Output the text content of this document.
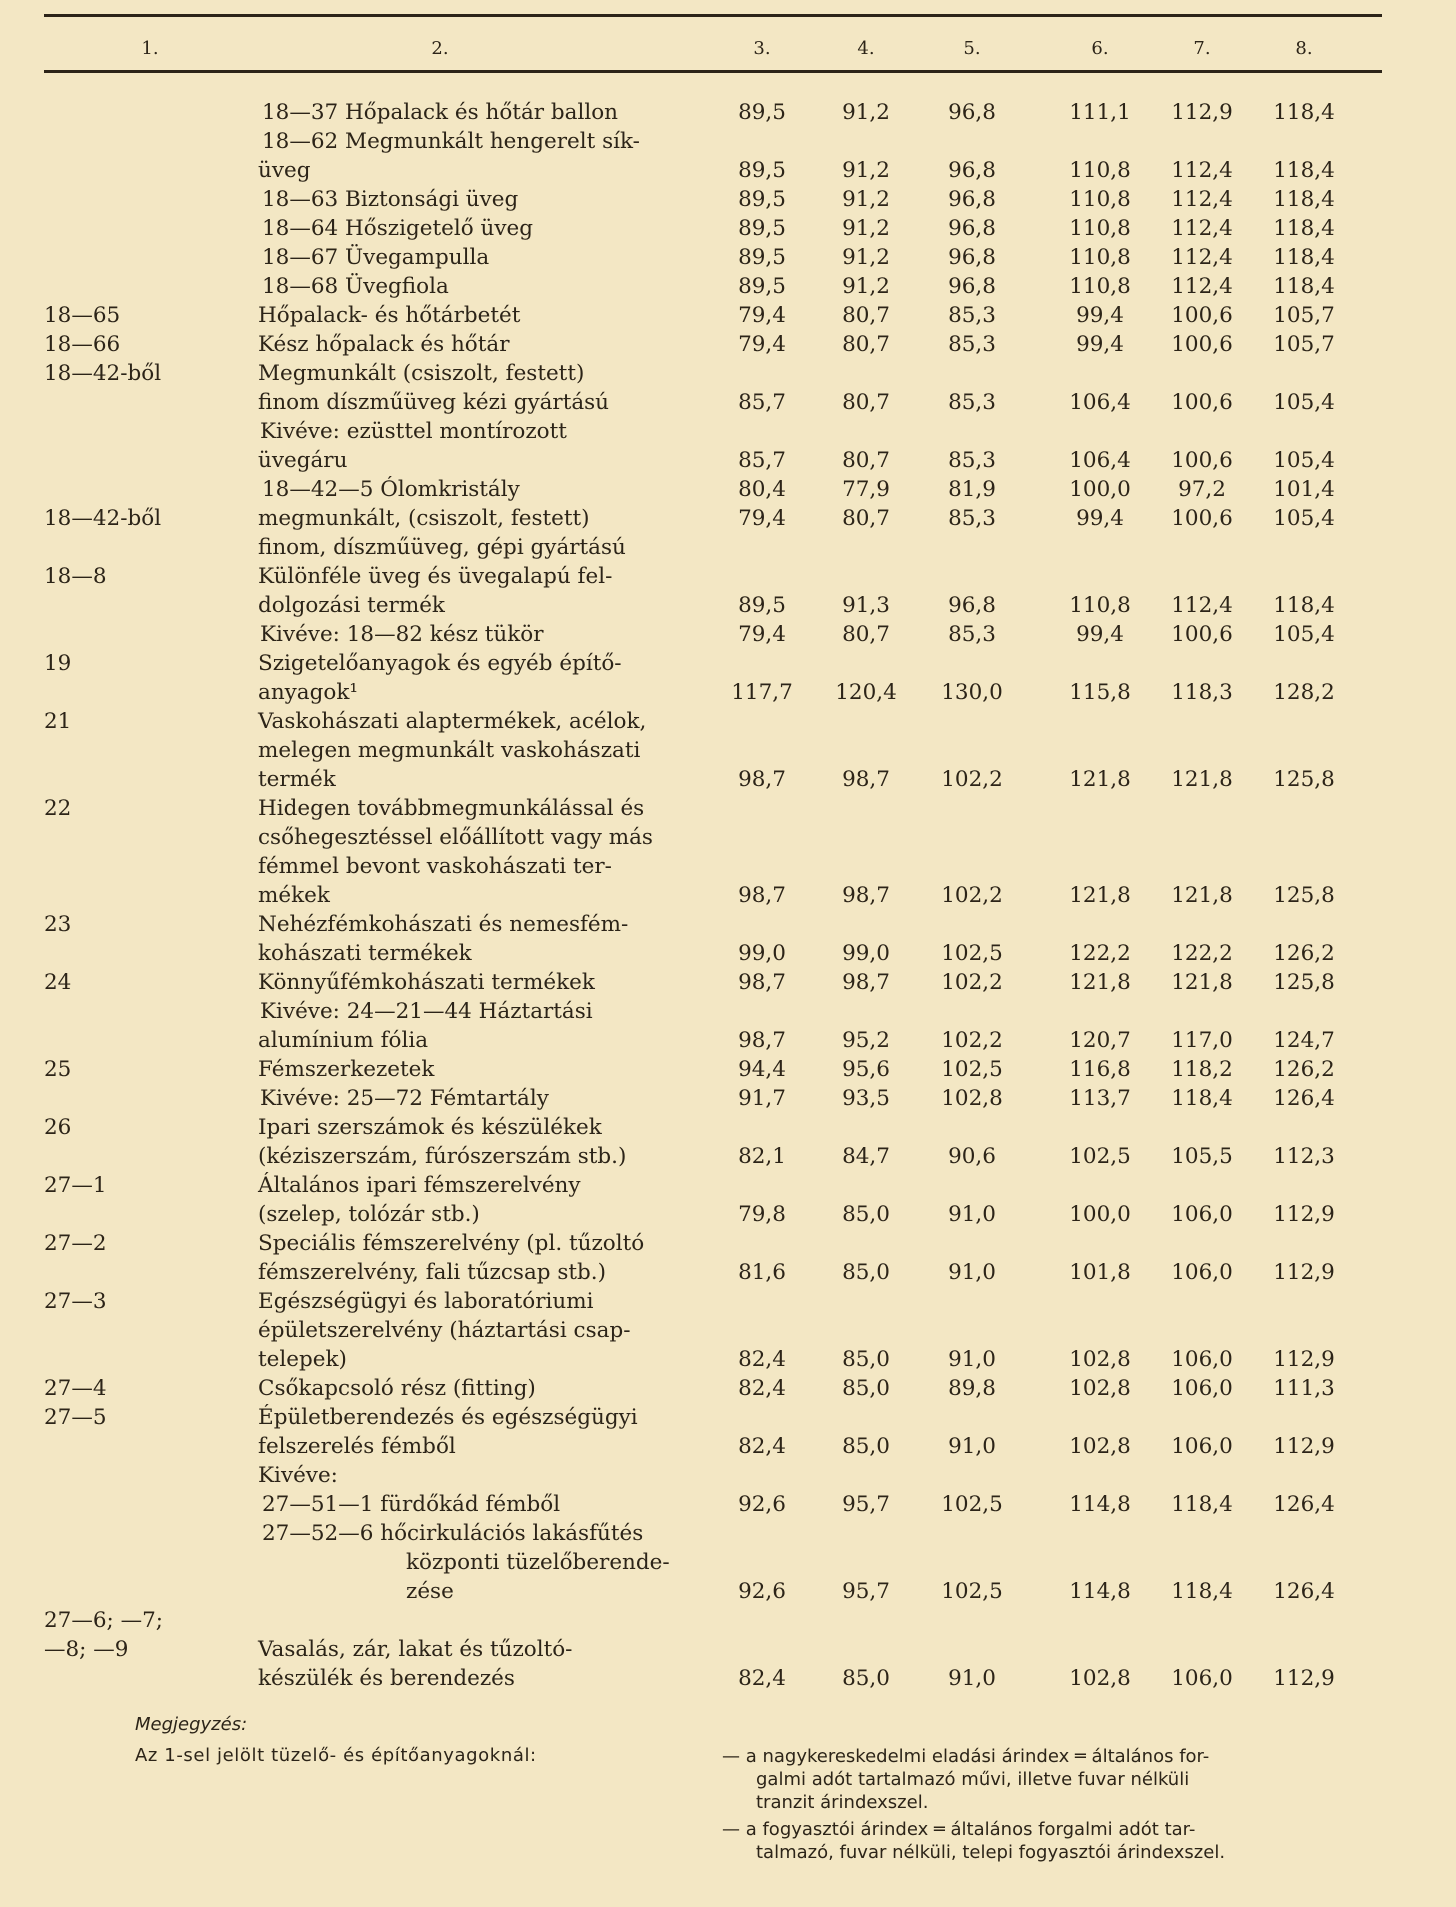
1.	2.	3.	4.	5.	6.	7.	8.
18—37 Hőpalack és hőtár ballon	89,5	91,2	96,8	111,1 112,9 118,4
18—62 Megmunkált hengerelt sík-
üveg	89,5	91,2	96,8	110,8 112,4 118,4
18—63 Biztonsági üveg	89,5	91,2	96,8	110,8 112,4 118,4
18—64 Hőszigetelő üveg	89,5	91,2	96,8	110,8 112,4 118,4
18—67 Üvegampulla	89,5	91,2	96,8	110,8 112,4 118,4
18—68 Üvegfiola	89,5	91,2	96,8	110,8 112,4 118,4
18—65	Hőpalack- és hőtárbetét	79,4	80,7	85,3	99,4 100,6 105,7
18—66	Kész hőpalack és hőtár	79,4	80,7	85,3	99,4 100,6 105,7
18—42-ből	Megmunkált (csiszolt, festett)
finom díszműüveg kézi gyártású	85,7	80,7	85,3	106,4 100,6 105,4
Kivéve: ezüsttel montírozott
üvegáru	85,7	80,7	85,3	106,4 100,6 105,4
18—42—5 Ólomkristály	80,4	77,9	81,9	100,0 97,2 101,4
18—42-ből	megmunkált, (csiszolt, festett)	79,4	80,7	85,3	99,4 100,6 105,4
finom, díszműüveg, gépi gyártású
18—8	Különféle üveg és üvegalapú fel-
dolgozási termék	89,5	91,3	96,8	110,8 112,4 118,4
Kivéve: 18—82 kész tükör	79,4	80,7	85,3	99,4 100,6 105,4
19	Szigetelőanyagok és egyéb építő-
anyagok¹	117,7 120,4 130,0	115,8 118,3 128,2
21	Vaskohászati alaptermékek, acélok,
melegen megmunkált vaskohászati
termék	98,7	98,7 102,2	121,8 121,8 125,8
22	Hidegen továbbmegmunkálással és
csőhegesztéssel előállított vagy más
fémmel bevont vaskohászati ter-
mékek	98,7	98,7 102,2	121,8 121,8 125,8
23	Nehézfémkohászati és nemesfém-
kohászati termékek	99,0	99,0 102,5	122,2 122,2 126,2
24	Könnyűfémkohászati termékek	98,7	98,7 102,2	121,8 121,8 125,8
Kivéve: 24—21—44 Háztartási
alumínium fólia	98,7	95,2 102,2	120,7 117,0 124,7
25	Fémszerkezetek	94,4	95,6 102,5	116,8 118,2 126,2
Kivéve: 25—72 Fémtartály	91,7	93,5 102,8	113,7 118,4 126,4
26	Ipari szerszámok és készülékek
(kéziszerszám, fúrószerszám stb.)	82,1	84,7	90,6	102,5 105,5 112,3
27—1	Általános ipari fémszerelvény
(szelep, tolózár stb.)	79,8	85,0	91,0	100,0 106,0 112,9
27—2	Speciális fémszerelvény (pl. tűzoltó
fémszerelvény, fali tűzcsap stb.)	81,6	85,0	91,0	101,8 106,0 112,9
27—3	Egészségügyi és laboratóriumi
épületszerelvény (háztartási csap-
telepek)	82,4	85,0	91,0	102,8 106,0 112,9
27—4	Csőkapcsoló rész (fitting)	82,4	85,0	89,8	102,8 106,0 111,3
27—5	Épületberendezés és egészségügyi
felszerelés fémből	82,4	85,0	91,0	102,8 106,0 112,9
Kivéve:
27—51—1 fürdőkád fémből	92,6	95,7 102,5	114,8 118,4 126,4
27—52—6 hőcirkulációs lakásfűtés
központi tüzelőberende-
zése	92,6	95,7 102,5	114,8 118,4 126,4
27—6; —7;
—8; —9	Vasalás, zár, lakat és tűzoltó-
készülék és berendezés	82,4	85,0	91,0	102,8 106,0 112,9
Megjegyzés:
Az 1-sel jelölt tüzelő- és építőanyagoknál:	— a nagykereskedelmi eladási árindex ═ általános for-
galmi adót tartalmazó művi, illetve fuvar nélküli
tranzit árindexszel.
— a fogyasztói árindex ═ általános forgalmi adót tar-
talmazó, fuvar nélküli, telepi fogyasztói árindexszel.
